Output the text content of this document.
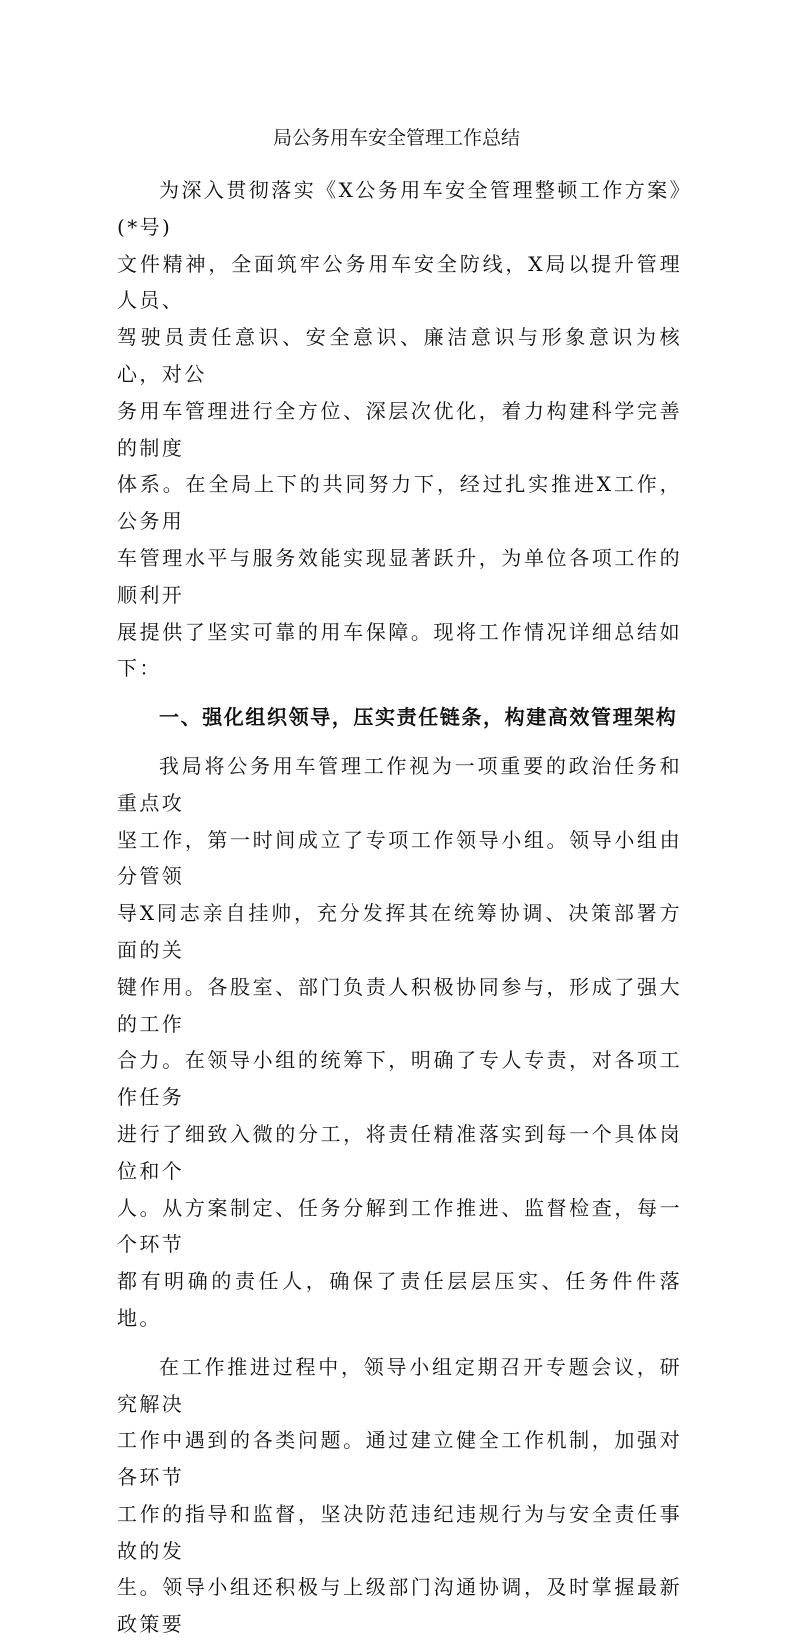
局公务用车安全管理工作总结

为深入贯彻落实《X公务用车安全管理整顿工作方案》(*号)
文件精神，全面筑牢公务用车安全防线，X局以提升管理人员、
驾驶员责任意识、安全意识、廉洁意识与形象意识为核心，对公
务用车管理进行全方位、深层次优化，着力构建科学完善的制度
体系。在全局上下的共同努力下，经过扎实推进X工作，公务用
车管理水平与服务效能实现显著跃升，为单位各项工作的顺利开
展提供了坚实可靠的用车保障。现将工作情况详细总结如下：

一、强化组织领导，压实责任链条，构建高效管理架构

我局将公务用车管理工作视为一项重要的政治任务和重点攻
坚工作，第一时间成立了专项工作领导小组。领导小组由分管领
导X同志亲自挂帅，充分发挥其在统筹协调、决策部署方面的关
键作用。各股室、部门负责人积极协同参与，形成了强大的工作
合力。在领导小组的统筹下，明确了专人专责，对各项工作任务
进行了细致入微的分工，将责任精准落实到每一个具体岗位和个
人。从方案制定、任务分解到工作推进、监督检查，每一个环节
都有明确的责任人，确保了责任层层压实、任务件件落地。

在工作推进过程中，领导小组定期召开专题会议，研究解决
工作中遇到的各类问题。通过建立健全工作机制，加强对各环节
工作的指导和监督，坚决防范违纪违规行为与安全责任事故的发
生。领导小组还积极与上级部门沟通协调，及时掌握最新政策要
